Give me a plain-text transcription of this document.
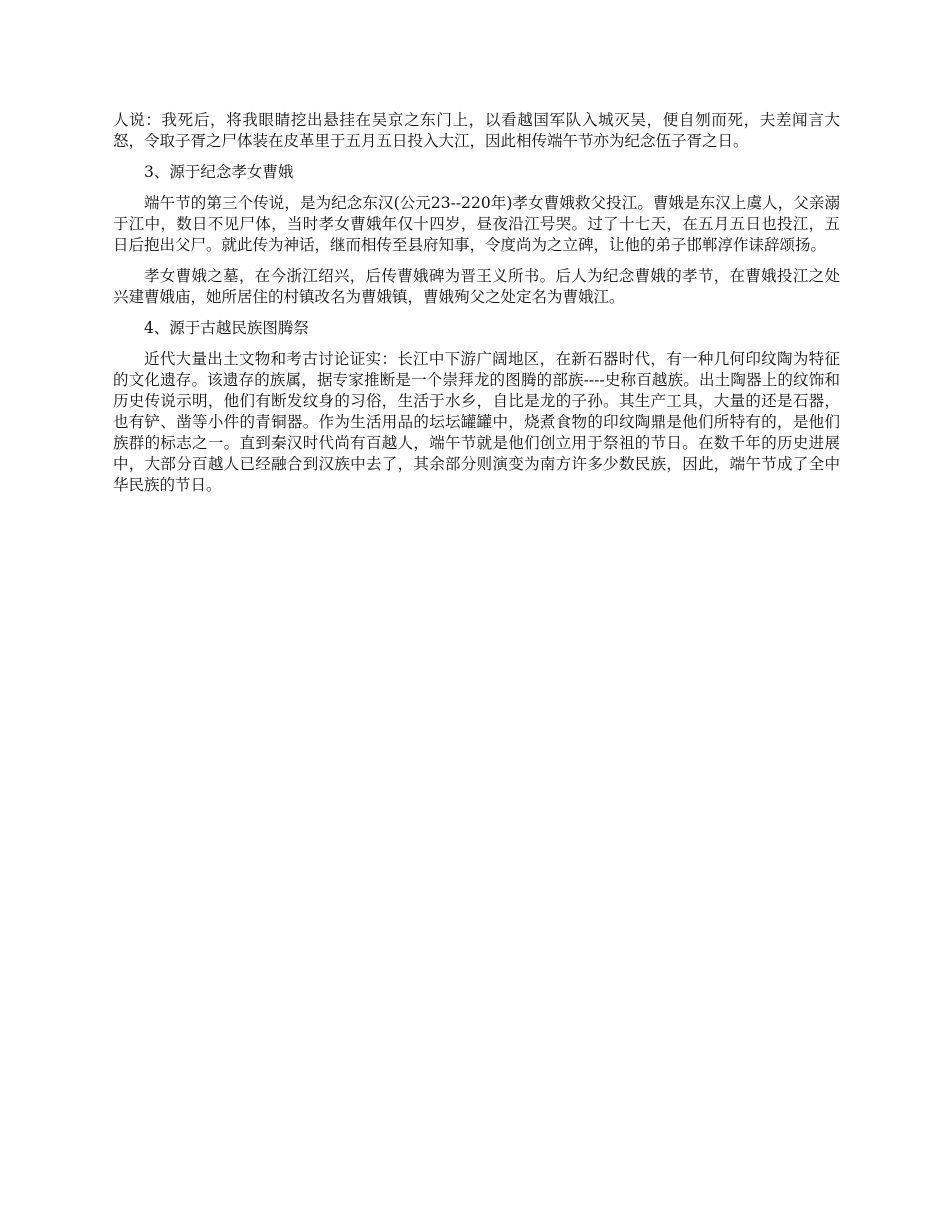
人说：我死后，将我眼睛挖出悬挂在吴京之东门上，以看越国军队入城灭吴，便自刎而死，夫差闻言大怒，令取子胥之尸体装在皮革里于五月五日投入大江，因此相传端午节亦为纪念伍子胥之日。

3、源于纪念孝女曹娥

端午节的第三个传说，是为纪念东汉(公元23--220年)孝女曹娥救父投江。曹娥是东汉上虞人，父亲溺于江中，数日不见尸体，当时孝女曹娥年仅十四岁，昼夜沿江号哭。过了十七天，在五月五日也投江，五日后抱出父尸。就此传为神话，继而相传至县府知事，令度尚为之立碑，让他的弟子邯郸淳作诔辞颂扬。

孝女曹娥之墓，在今浙江绍兴，后传曹娥碑为晋王义所书。后人为纪念曹娥的孝节，在曹娥投江之处兴建曹娥庙，她所居住的村镇改名为曹娥镇，曹娥殉父之处定名为曹娥江。

4、源于古越民族图腾祭

近代大量出土文物和考古讨论证实：长江中下游广阔地区，在新石器时代，有一种几何印纹陶为特征的文化遗存。该遗存的族属，据专家推断是一个崇拜龙的图腾的部族----史称百越族。出土陶器上的纹饰和历史传说示明，他们有断发纹身的习俗，生活于水乡，自比是龙的子孙。其生产工具，大量的还是石器，也有铲、凿等小件的青铜器。作为生活用品的坛坛罐罐中，烧煮食物的印纹陶鼎是他们所特有的，是他们族群的标志之一。直到秦汉时代尚有百越人，端午节就是他们创立用于祭祖的节日。在数千年的历史进展中，大部分百越人已经融合到汉族中去了，其余部分则演变为南方许多少数民族，因此，端午节成了全中华民族的节日。
